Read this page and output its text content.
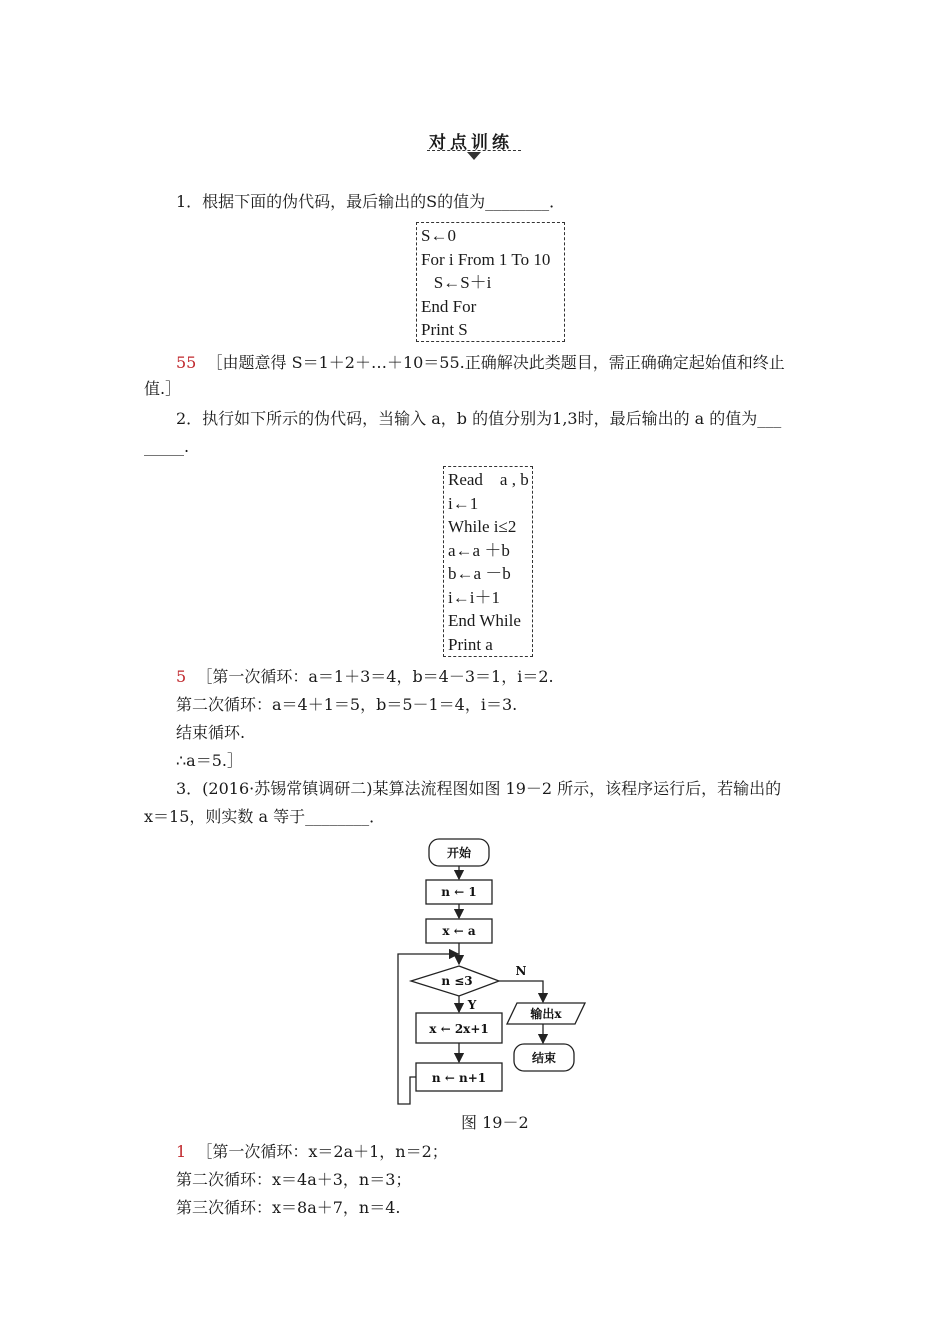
对点训练
1．根据下面的伪代码，最后输出的S的值为________．
S←0
For i From 1 To 10
S←S＋i
End For
Print S
55 ［由题意得 S＝1＋2＋…＋10＝55.正确解决此类题目，需正确确定起始值和终止
值.］
2．执行如下所示的伪代码，当输入 a，b 的值分别为1,3时，最后输出的 a 的值为___
_____.
Read    a , b
i←1
While i≤2
a←a ＋b
b←a －b
i←i＋1
End While
Print a
5 ［第一次循环：a＝1＋3＝4，b＝4－3＝1，i＝2.
第二次循环：a＝4＋1＝5，b＝5－1＝4，i＝3.
结束循环.
∴a＝5.］
3．(2016·苏锡常镇调研二)某算法流程图如图 19－2 所示，该程序运行后，若输出的
x＝15，则实数 a 等于________．
开始
n ← 1
x ← a
n ≤3
Y
N
x ← 2x+1
n ← n+1
输出x
结束
图 19－2
1 ［第一次循环：x＝2a＋1，n＝2；
第二次循环：x＝4a＋3，n＝3；
第三次循环：x＝8a＋7，n＝4.
